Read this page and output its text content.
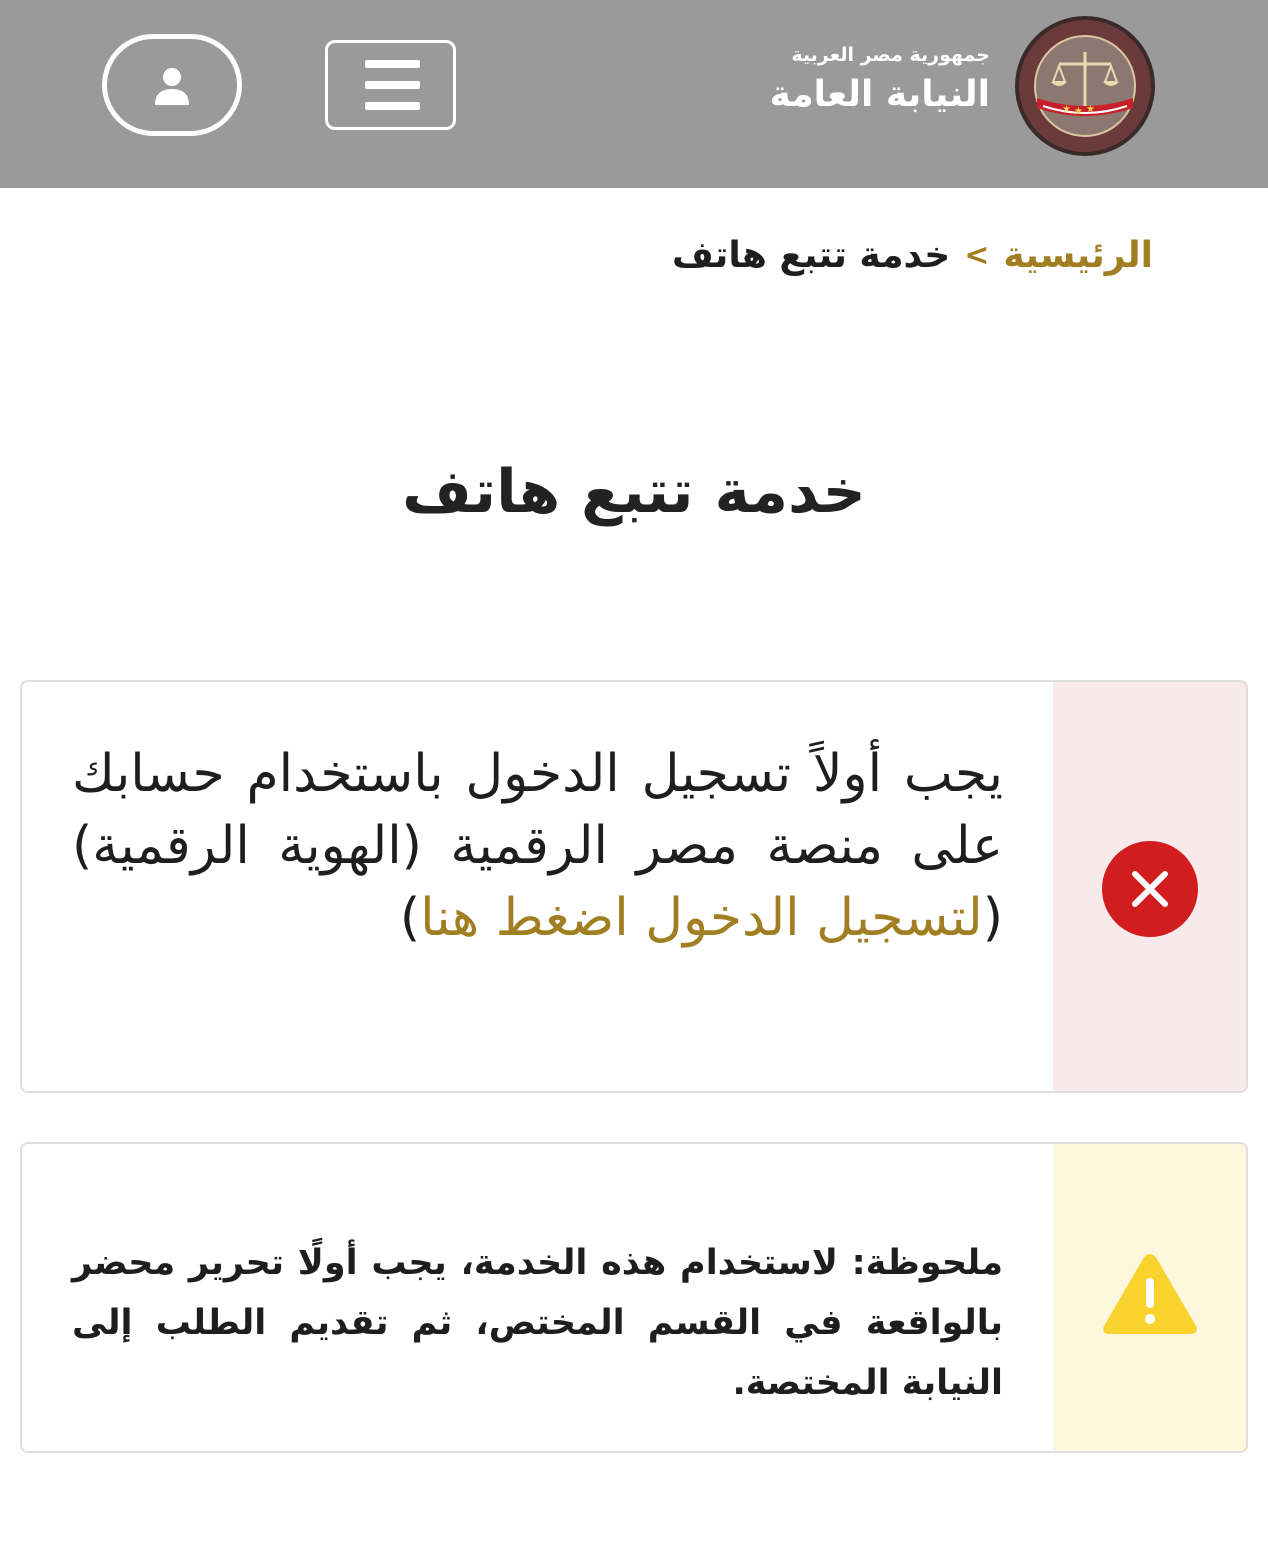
★ ★ ★
جمهورية مصر العربية
النيابة العامة
الرئيسية
>
خدمة تتبع هاتف
خدمة تتبع هاتف
يجب أولاً تسجيل الدخول باستخدام حسابك على منصة مصر الرقمية (الهوية الرقمية) (لتسجيل الدخول اضغط هنا)
ملحوظة: لاستخدام هذه الخدمة، يجب أولًا تحرير محضر بالواقعة في القسم المختص، ثم تقديم الطلب إلى النيابة المختصة.
